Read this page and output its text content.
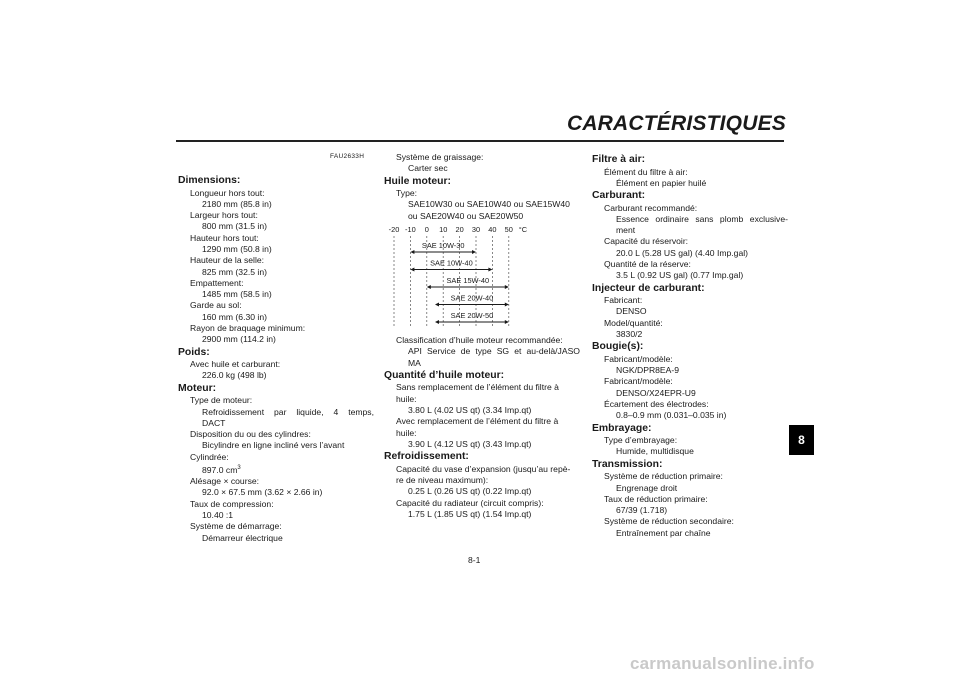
CARACTÉRISTIQUES
FAU2633H
Dimensions:
Longueur hors tout:
2180 mm (85.8 in)
Largeur hors tout:
800 mm (31.5 in)
Hauteur hors tout:
1290 mm (50.8 in)
Hauteur de la selle:
825 mm (32.5 in)
Empattement:
1485 mm (58.5 in)
Garde au sol:
160 mm (6.30 in)
Rayon de braquage minimum:
2900 mm (114.2 in)
Poids:
Avec huile et carburant:
226.0 kg (498 lb)
Moteur:
Type de moteur:
Refroidissement par liquide, 4 temps,
DACT
Disposition du ou des cylindres:
Bicylindre en ligne incliné vers l’avant
Cylindrée:
897.0 $cm^3$
Alésage × course:
92.0 × 67.5 mm (3.62 × 2.66 in)
Taux de compression:
10.40 :1
Système de démarrage:
Démarreur électrique
Système de graissage:
Carter sec
Huile moteur:
Type:
SAE10W30 ou SAE10W40 ou SAE15W40
ou SAE20W40 ou SAE20W50
-20 -10 0 10 20 30 40 50 °C
SAE 10W-30
SAE 10W-40
SAE 15W-40
SAE 20W-40
SAE 20W-50
Classification d’huile moteur recommandée:
API Service de type SG et au-delà/JASO
MA
Quantité d’huile moteur:
Sans remplacement de l’élément du filtre à
huile:
3.80 L (4.02 US qt) (3.34 Imp.qt)
Avec remplacement de l’élément du filtre à
huile:
3.90 L (4.12 US qt) (3.43 Imp.qt)
Refroidissement:
Capacité du vase d’expansion (jusqu’au repè-
re de niveau maximum):
0.25 L (0.26 US qt) (0.22 Imp.qt)
Capacité du radiateur (circuit compris):
1.75 L (1.85 US qt) (1.54 Imp.qt)
Filtre à air:
Élément du filtre à air:
Élément en papier huilé
Carburant:
Carburant recommandé:
Essence ordinaire sans plomb exclusive-
ment
Capacité du réservoir:
20.0 L (5.28 US gal) (4.40 Imp.gal)
Quantité de la réserve:
3.5 L (0.92 US gal) (0.77 Imp.gal)
Injecteur de carburant:
Fabricant:
DENSO
Model/quantité:
3830/2
Bougie(s):
Fabricant/modèle:
NGK/DPR8EA-9
Fabricant/modèle:
DENSO/X24EPR-U9
Écartement des électrodes:
0.8–0.9 mm (0.031–0.035 in)
Embrayage:
Type d’embrayage:
Humide, multidisque
Transmission:
Système de réduction primaire:
Engrenage droit
Taux de réduction primaire:
67/39 (1.718)
Système de réduction secondaire:
Entraînement par chaîne
8
8-1
carmanualsonline.info
